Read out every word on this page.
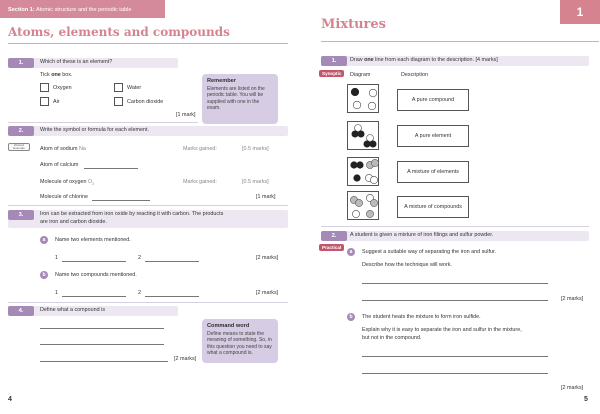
Section 1: Atomic structure and the periodic table
Atoms, elements and compounds
1.	Which of these is an element?
Tick one box.
Oxygen	Water
Air	Carbon dioxide
[1 mark]
Remember
Elements are listed on the periodic table. You will be supplied with one in the exam.
2.	Write the symbol or formula for each element.
Worked Example	Atom of sodium Na	Marks gained:	[0.5 marks]
Atom of calcium
Molecule of oxygen $O_2$	Marks gained:	[0.5 marks]
Molecule of chlorine	[1 mark]
3.	Iron can be extracted from iron oxide by reacting it with carbon. The products
are iron and carbon dioxide.
a	Name two elements mentioned.
1	2	[2 marks]
b	Name two compounds mentioned.
1	2	[2 marks]
4.	Define what a compound is
[2 marks]
Command word
Define means to state the meaning of something. So, in this question you need to say what a compound is.
4
Mixtures
1.	Draw one line from each diagram to the description. [4 marks]
Synoptic	Diagram	Description
A pure compound
A pure element
A mixture of elements
A mixture of compounds
2.	A student is given a mixture of iron filings and sulfur powder.
Practical
a	Suggest a suitable way of separating the iron and sulfur.
Describe how the technique will work.
[2 marks]
b	The student heats the mixture to form iron sulfide.
Explain why it is easy to separate the iron and sulfur in the mixture,
but not in the compound.
[2 marks]
5
1
